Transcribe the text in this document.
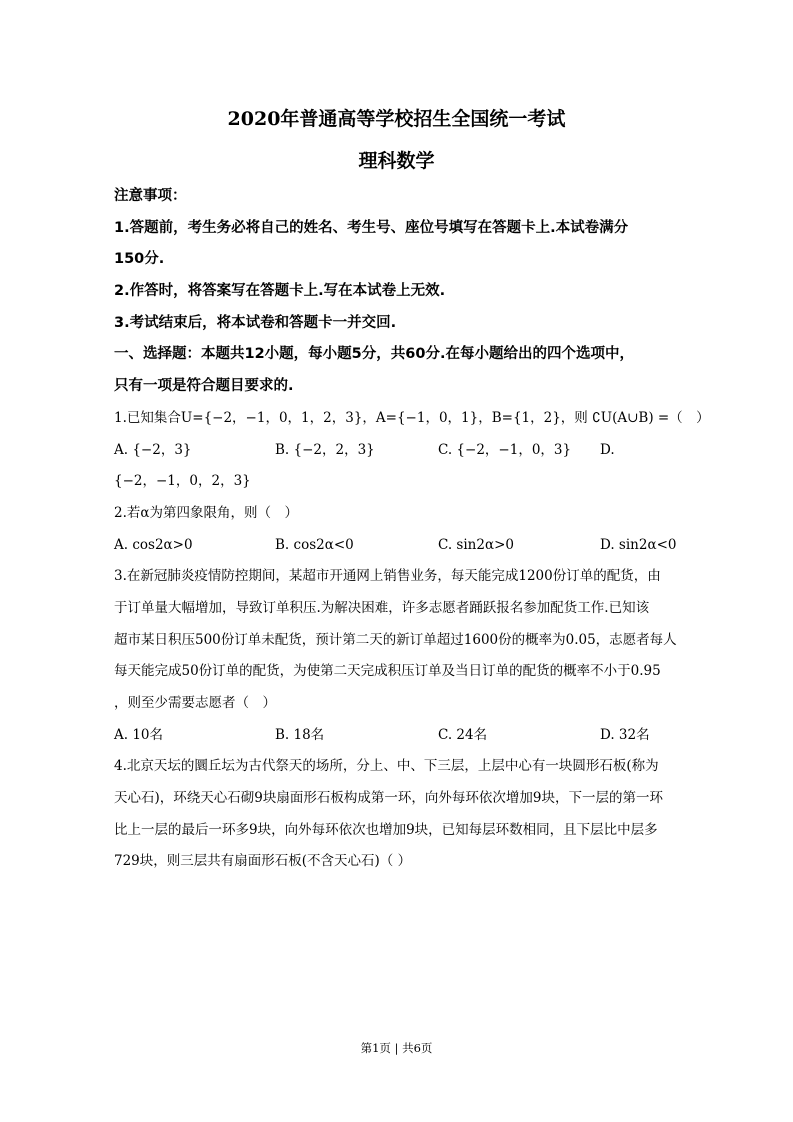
2020年普通高等学校招生全国统一考试
理科数学
注意事项：
1.答题前，考生务必将自己的姓名、考生号、座位号填写在答题卡上.本试卷满分
150分.
2.作答时，将答案写在答题卡上.写在本试卷上无效.
3.考试结束后，将本试卷和答题卡一并交回.
一、选择题：本题共12小题，每小题5分，共60分.在每小题给出的四个选项中，
只有一项是符合题目要求的.
1.已知集合U={−2，−1，0，1，2，3}，A={−1，0，1}，B={1，2}，则 ∁U(A∪B) =（　）
A. {−2，3}	B. {−2，2，3}	C. {−2，−1，0，3}	D.
{−2，−1，0，2，3}
2.若α为第四象限角，则（　）
A. cos2α>0	B. cos2α<0	C. sin2α>0	D. sin2α<0
3.在新冠肺炎疫情防控期间，某超市开通网上销售业务，每天能完成1200份订单的配货，由
于订单量大幅增加，导致订单积压.为解决困难，许多志愿者踊跃报名参加配货工作.已知该
超市某日积压500份订单未配货，预计第二天的新订单超过1600份的概率为0.05，志愿者每人
每天能完成50份订单的配货，为使第二天完成积压订单及当日订单的配货的概率不小于0.95
，则至少需要志愿者（　）
A. 10名	B. 18名	C. 24名	D. 32名
4.北京天坛的圜丘坛为古代祭天的场所，分上、中、下三层，上层中心有一块圆形石板(称为
天心石)，环绕天心石砌9块扇面形石板构成第一环，向外每环依次增加9块，下一层的第一环
比上一层的最后一环多9块，向外每环依次也增加9块，已知每层环数相同，且下层比中层多
729块，则三层共有扇面形石板(不含天心石)（ ）
第1页 | 共6页
